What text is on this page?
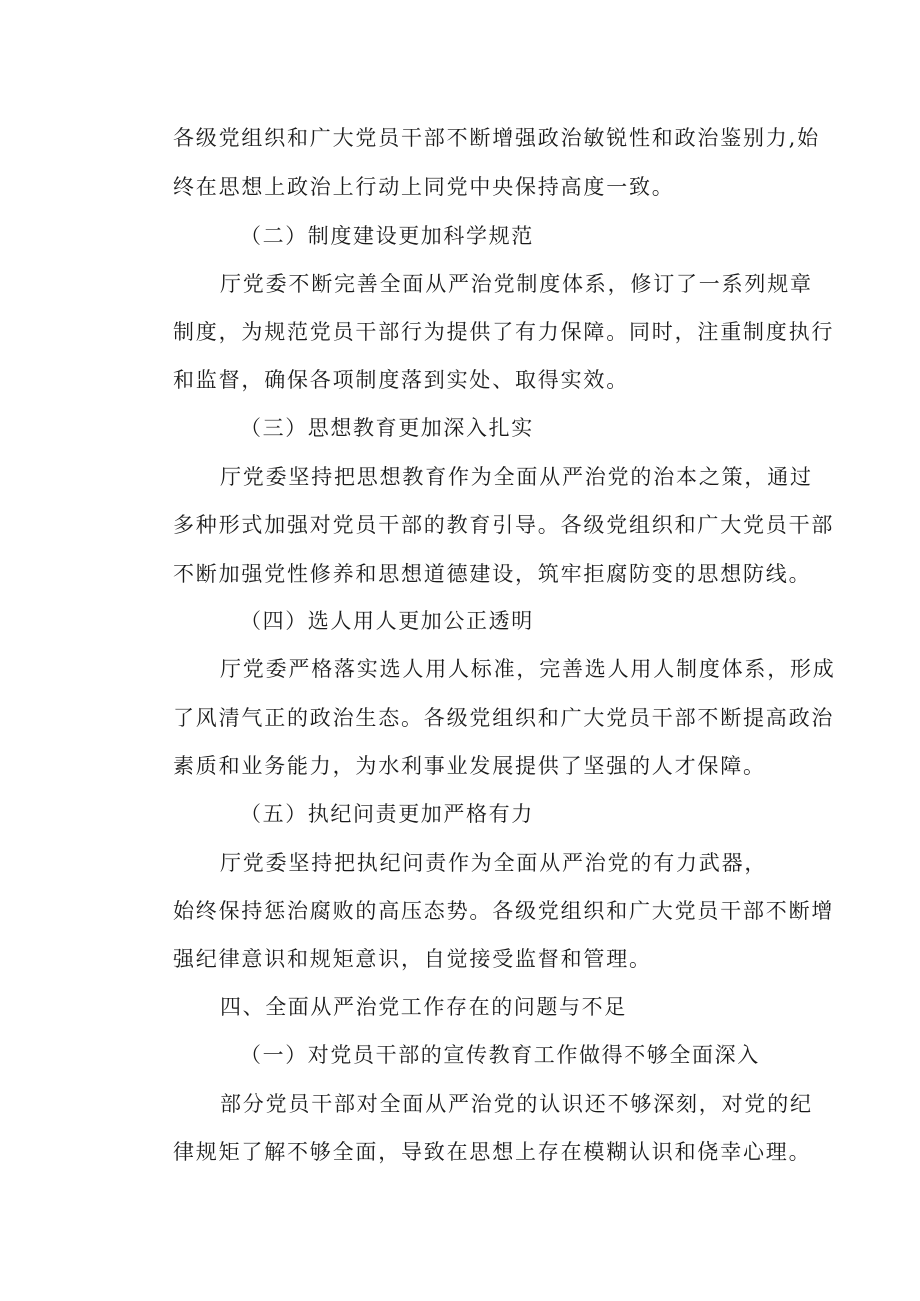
各级党组织和广大党员干部不断增强政治敏锐性和政治鉴别力,始
终在思想上政治上行动上同党中央保持高度一致。
（二）制度建设更加科学规范
厅党委不断完善全面从严治党制度体系，修订了一系列规章
制度，为规范党员干部行为提供了有力保障。同时，注重制度执行
和监督，确保各项制度落到实处、取得实效。
（三）思想教育更加深入扎实
厅党委坚持把思想教育作为全面从严治党的治本之策，通过
多种形式加强对党员干部的教育引导。各级党组织和广大党员干部
不断加强党性修养和思想道德建设，筑牢拒腐防变的思想防线。
（四）选人用人更加公正透明
厅党委严格落实选人用人标准，完善选人用人制度体系，形成
了风清气正的政治生态。各级党组织和广大党员干部不断提高政治
素质和业务能力，为水利事业发展提供了坚强的人才保障。
（五）执纪问责更加严格有力
厅党委坚持把执纪问责作为全面从严治党的有力武器，
始终保持惩治腐败的高压态势。各级党组织和广大党员干部不断增
强纪律意识和规矩意识，自觉接受监督和管理。
四、全面从严治党工作存在的问题与不足
（一）对党员干部的宣传教育工作做得不够全面深入
部分党员干部对全面从严治党的认识还不够深刻，对党的纪
律规矩了解不够全面，导致在思想上存在模糊认识和侥幸心理。
